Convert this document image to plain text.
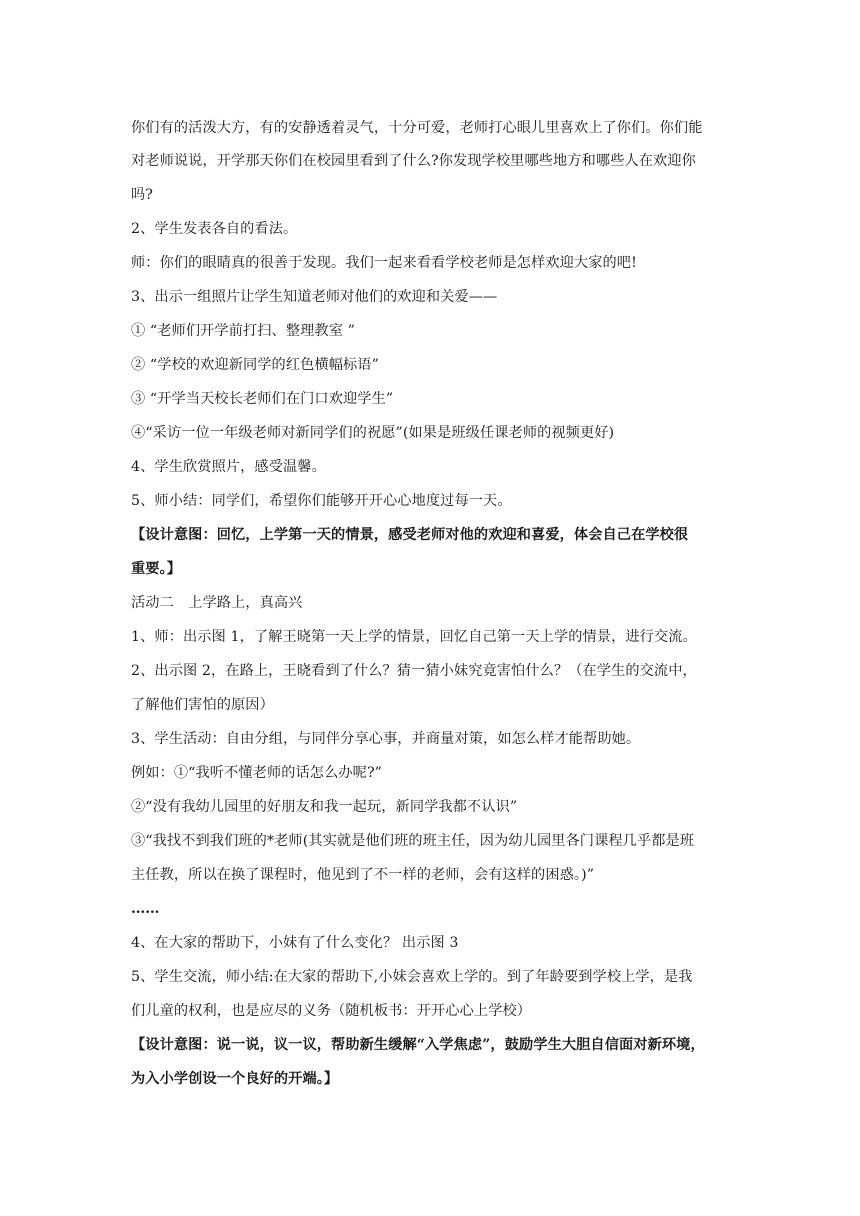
你们有的活泼大方，有的安静透着灵气，十分可爱，老师打心眼儿里喜欢上了你们。你们能
对老师说说，开学那天你们在校园里看到了什么?你发现学校里哪些地方和哪些人在欢迎你
吗?
2、学生发表各自的看法。
师：你们的眼睛真的很善于发现。我们一起来看看学校老师是怎样欢迎大家的吧!
3、出示一组照片让学生知道老师对他们的欢迎和关爱——
① “老师们开学前打扫、整理教室 ”
② “学校的欢迎新同学的红色横幅标语”
③ “开学当天校长老师们在门口欢迎学生”
④“采访一位一年级老师对新同学们的祝愿”(如果是班级任课老师的视频更好)
4、学生欣赏照片，感受温馨。
5、师小结：同学们，希望你们能够开开心心地度过每一天。
【设计意图：回忆，上学第一天的情景，感受老师对他的欢迎和喜爱，体会自己在学校很
重要。】
活动二　上学路上，真高兴
1、师：出示图 1，了解王晓第一天上学的情景，回忆自己第一天上学的情景，进行交流。
2、出示图 2，在路上，王晓看到了什么？猜一猜小妹究竟害怕什么？（在学生的交流中，
了解他们害怕的原因）
3、学生活动：自由分组，与同伴分享心事，并商量对策，如怎么样才能帮助她。
例如：①“我听不懂老师的话怎么办呢?”
②“没有我幼儿园里的好朋友和我一起玩，新同学我都不认识”
③“我找不到我们班的*老师(其实就是他们班的班主任，因为幼儿园里各门课程几乎都是班
主任教，所以在换了课程时，他见到了不一样的老师，会有这样的困惑。)”
……
4、在大家的帮助下，小妹有了什么变化？ 出示图 3
5、学生交流，师小结:在大家的帮助下,小妹会喜欢上学的。到了年龄要到学校上学，是我
们儿童的权利，也是应尽的义务（随机板书：开开心心上学校）
【设计意图：说一说，议一议，帮助新生缓解“入学焦虑”，鼓励学生大胆自信面对新环境，
为入小学创设一个良好的开端。】
